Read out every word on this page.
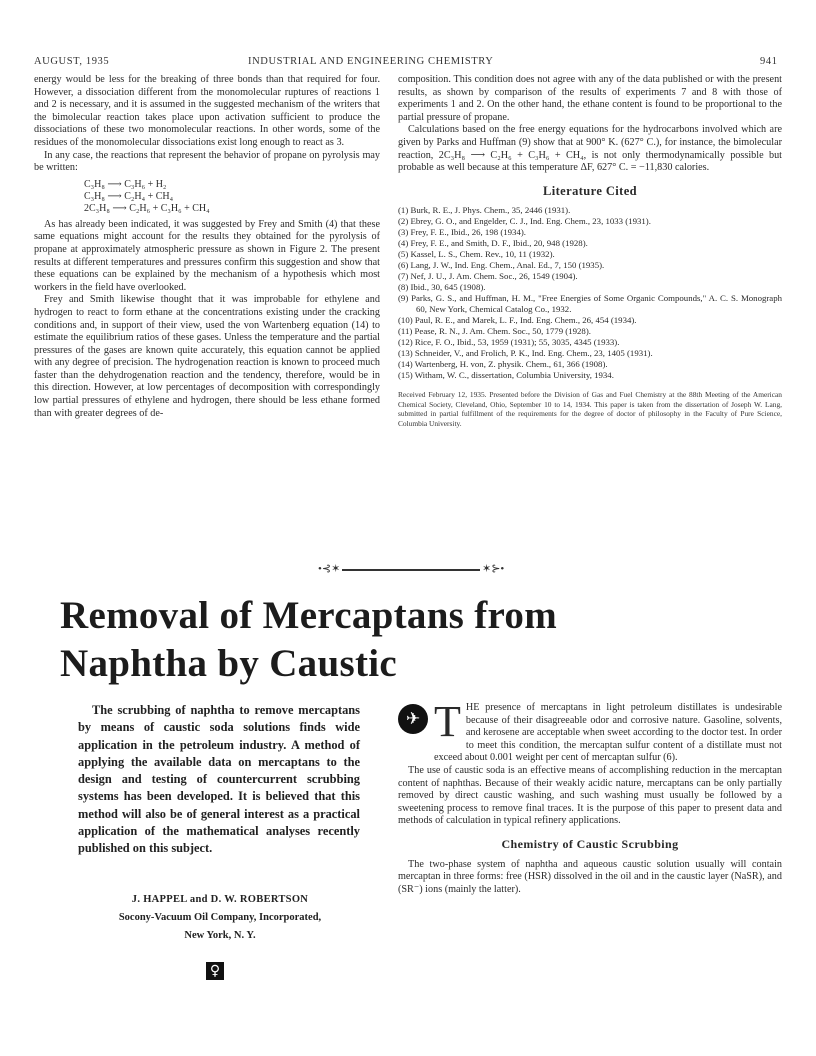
AUGUST, 1935	INDUSTRIAL AND ENGINEERING CHEMISTRY	941

energy would be less for the breaking of three bonds than that required for four. However, a dissociation different from the monomolecular ruptures of reactions 1 and 2 is necessary, and it is assumed in the suggested mechanism of the writers that the bimolecular reaction takes place upon activation sufficient to produce the dissociations of these two monomolecular reactions. In other words, some of the residues of the monomolecular dissociations exist long enough to react as 3.

In any case, the reactions that represent the behavior of propane on pyrolysis may be written:

C₃H₈ ⟶ C₃H₆ + H₂
C₃H₈ ⟶ C₂H₄ + CH₄
2C₃H₈ ⟶ C₂H₆ + C₃H₆ + CH₄

As has already been indicated, it was suggested by Frey and Smith (4) that these same equations might account for the results they obtained for the pyrolysis of propane at approximately atmospheric pressure as shown in Figure 2. The present results at different temperatures and pressures confirm this suggestion and show that these equations can be explained by the mechanism of a hypothesis which most workers in the field have overlooked.

Frey and Smith likewise thought that it was improbable for ethylene and hydrogen to react to form ethane at the concentrations existing under the cracking conditions and, in support of their view, used the von Wartenberg equation (14) to estimate the equilibrium ratios of these gases. Unless the temperature and the partial pressures of the gases are known quite accurately, this equation cannot be applied with any degree of precision. The hydrogenation reaction is known to proceed much faster than the dehydrogenation reaction and the tendency, therefore, would be in this direction. However, at low percentages of decomposition with correspondingly low partial pressures of ethylene and hydrogen, there should be less ethane formed than with greater degrees of de-

composition. This condition does not agree with any of the data published or with the present results, as shown by comparison of the results of experiments 7 and 8 with those of experiments 1 and 2. On the other hand, the ethane content is found to be proportional to the partial pressure of propane.

Calculations based on the free energy equations for the hydrocarbons involved which are given by Parks and Huffman (9) show that at 900° K. (627° C.), for instance, the bimolecular reaction, 2C₃H₈ ⟶ C₂H₆ + C₃H₆ + CH₄, is not only thermodynamically possible but probable as well because at this temperature ΔF, 627° C. = −11,830 calories.

Literature Cited
(1) Burk, R. E., J. Phys. Chem., 35, 2446 (1931).
(2) Ebrey, G. O., and Engelder, C. J., Ind. Eng. Chem., 23, 1033 (1931).
(3) Frey, F. E., Ibid., 26, 198 (1934).
(4) Frey, F. E., and Smith, D. F., Ibid., 20, 948 (1928).
(5) Kassel, L. S., Chem. Rev., 10, 11 (1932).
(6) Lang, J. W., Ind. Eng. Chem., Anal. Ed., 7, 150 (1935).
(7) Nef, J. U., J. Am. Chem. Soc., 26, 1549 (1904).
(8) Ibid., 30, 645 (1908).
(9) Parks, G. S., and Huffman, H. M., "Free Energies of Some Organic Compounds," A. C. S. Monograph 60, New York, Chemical Catalog Co., 1932.
(10) Paul, R. E., and Marek, L. F., Ind. Eng. Chem., 26, 454 (1934).
(11) Pease, R. N., J. Am. Chem. Soc., 50, 1779 (1928).
(12) Rice, F. O., Ibid., 53, 1959 (1931); 55, 3035, 4345 (1933).
(13) Schneider, V., and Frolich, P. K., Ind. Eng. Chem., 23, 1405 (1931).
(14) Wartenberg, H. von, Z. physik. Chem., 61, 366 (1908).
(15) Witham, W. C., dissertation, Columbia University, 1934.
Received February 12, 1935. Presented before the Division of Gas and Fuel Chemistry at the 88th Meeting of the American Chemical Society, Cleveland, Ohio, September 10 to 14, 1934. This paper is taken from the dissertation of Joseph W. Lang, submitted in partial fulfillment of the requirements for the degree of doctor of philosophy in the Faculty of Pure Science, Columbia University.
•⊰✶	✶⊱•
Removal of Mercaptans from
Naphtha by Caustic
The scrubbing of naphtha to remove mercaptans by means of caustic soda solutions finds wide application in the petroleum industry. A method of applying the available data on mercaptans to the design and testing of countercurrent scrubbing systems has been developed. It is believed that this method will also be of general interest as a practical application of the mathematical analyses recently published on this subject.
J. HAPPEL and D. W. ROBERTSON
Socony-Vacuum Oil Company, Incorporated,
New York, N. Y.
♀
✈ T HE presence of mercaptans in light petroleum distillates is undesirable because of their disagreeable odor and corrosive nature. Gasoline, solvents, and kerosene are acceptable when sweet according to the doctor test. In order to meet this condition, the mercaptan sulfur content of a distillate must not exceed about 0.001 weight per cent of mercaptan sulfur (6).

The use of caustic soda is an effective means of accomplishing reduction in the mercaptan content of naphthas. Because of their weakly acidic nature, mercaptans can be only partially removed by direct caustic washing, and such washing must usually be followed by a sweetening process to remove final traces. It is the purpose of this paper to present data and methods of calculation in typical refinery applications.

Chemistry of Caustic Scrubbing

The two-phase system of naphtha and aqueous caustic solution usually will contain mercaptan in three forms: free (HSR) dissolved in the oil and in the caustic layer (NaSR), and (SR⁻) ions (mainly the latter).
